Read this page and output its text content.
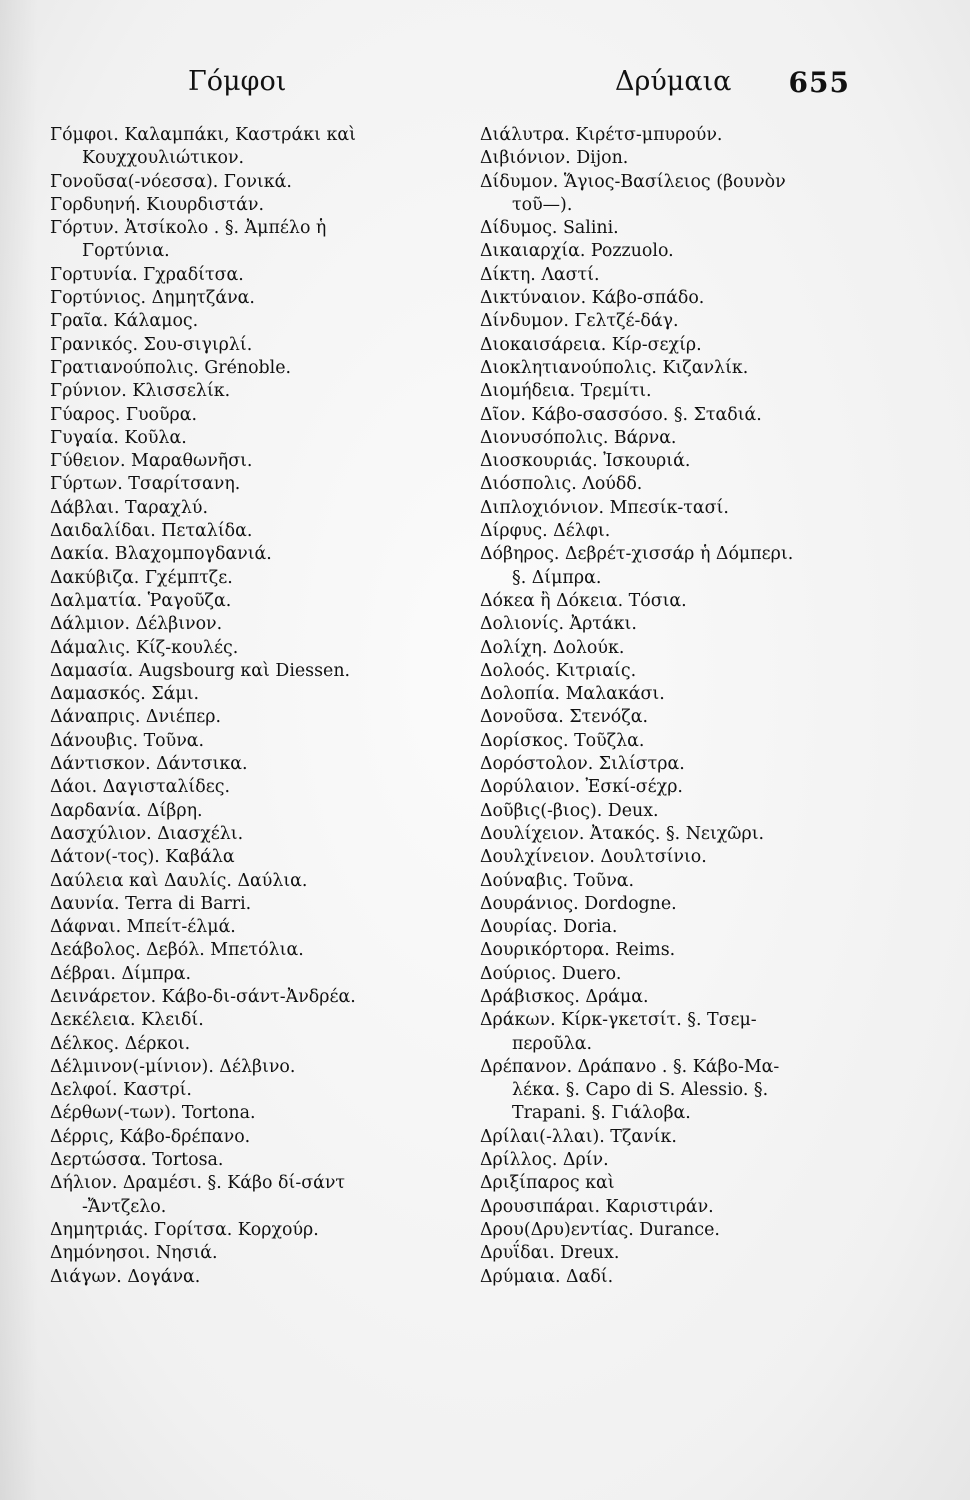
Γόμφοι	Δρύμαια 655
Γόμφοι. Καλαμπάκι, Καστράκι καὶ
Κουχχουλιώτικον.
Γονοῦσα(-νόεσσα). Γονικά.
Γορδυηνή. Κιουρδιστάν.
Γόρτυν. Ἀτσίκολο . §. Ἀμπέλο ἡ
Γορτύνια.
Γορτυνία. Γχραδίτσα.
Γορτύνιος. Δημητζάνα.
Γραῖα. Κάλαμος.
Γρανικός. Σου-σιγιρλί.
Γρατιανούπολις. Grénoble.
Γρύνιον. Κλισσελίκ.
Γύαρος. Γυοῦρα.
Γυγαία. Κοῦλα.
Γύθειον. Μαραθωνῆσι.
Γύρτων. Τσαρίτσανη.
Δάβλαι. Ταραχλύ.
Δαιδαλίδαι. Πεταλίδα.
Δακία. Βλαχομπογδανιά.
Δακύβιζα. Γχέμπτζε.
Δαλματία. Ῥαγοῦζα.
Δάλμιον. Δέλβινον.
Δάμαλις. Κίζ-κουλές.
Δαμασία. Augsbourg καὶ Diessen.
Δαμασκός. Σάμι.
Δάναπρις. Δνιέπερ.
Δάνουβις. Τοῦνα.
Δάντισκον. Δάντσικα.
Δάοι. Δαγισταλίδες.
Δαρδανία. Δίβρη.
Δασχύλιον. Διασχέλι.
Δάτον(-τος). Καβάλα
Δαύλεια καὶ Δαυλίς. Δαύλια.
Δαυνία. Terra di Barri.
Δάφναι. Μπείτ-έλμά.
Δεάβολος. Δεβόλ. Μπετόλια.
Δέβραι. Δίμπρα.
Δεινάρετον. Κάβο-δι-σάντ-Ἀνδρέα.
Δεκέλεια. Κλειδί.
Δέλκος. Δέρκοι.
Δέλμινον(-μίνιον). Δέλβινο.
Δελφοί. Καστρί.
Δέρθων(-των). Tortona.
Δέρρις, Κάβο-δρέπανο.
Δερτώσσα. Tortosa.
Δήλιον. Δραμέσι. §. Κάβο δί-σάντ
-Ἄντζελο.
Δημητριάς. Γορίτσα. Κορχούρ.
Δημόνησοι. Νησιά.
Διάγων. Δογάνα.
Διάλυτρα. Κιρέτσ-μπυρούν.
Διβιόνιον. Dijon.
Δίδυμον. Ἅγιος-Βασίλειος (βουνὸν
τοῦ—).
Δίδυμος. Salini.
Δικαιαρχία. Pozzuolo.
Δίκτη. Λαστί.
Δικτύναιον. Κάβο-σπάδο.
Δίνδυμον. Γελτζέ-δάγ.
Διοκαισάρεια. Κίρ-σεχίρ.
Διοκλητιανούπολις. Κιζανλίκ.
Διομήδεια. Τρεμίτι.
Δῖον. Κάβο-σασσόσο. §. Σταδιά.
Διονυσόπολις. Βάρνα.
Διοσκουριάς. Ἰσκουριά.
Διόσπολις. Λούδδ.
Διπλοχιόνιον. Μπεσίκ-τασί.
Δίρφυς. Δέλφι.
Δόβηρος. Δεβρέτ-χισσάρ ἡ Δόμπερι.
§. Δίμπρα.
Δόκεα ἢ Δόκεια. Τόσια.
Δολιονίς. Ἀρτάκι.
Δολίχη. Δολούκ.
Δολοός. Κιτριαίς.
Δολοπία. Μαλακάσι.
Δονοῦσα. Στενόζα.
Δορίσκος. Τοῦζλα.
Δορόστολον. Σιλίστρα.
Δορύλαιον. Ἐσκί-σέχρ.
Δοῦβις(-βιος). Deux.
Δουλίχειον. Ἀτακός. §. Νειχῶρι.
Δουλχίνειον. Δουλτσίνιο.
Δούναβις. Τοῦνα.
Δουράνιος. Dordogne.
Δουρίας. Doria.
Δουρικόρτορα. Reims.
Δούριος. Duero.
Δράβισκος. Δράμα.
Δράκων. Κίρκ-γκετσίτ. §. Τσεμ-
περοῦλα.
Δρέπανον. Δράπανο . §. Κάβο-Μα-
λέκα. §. Capo di S. Alessio. §.
Trapani. §. Γιάλοβα.
Δρίλαι(-λλαι). Τζανίκ.
Δρίλλος. Δρίν.
Δριξίπαρος καὶ
Δρουσιπάραι. Καριστιράν.
Δρου(Δρυ)εντίας. Durance.
Δρυΐδαι. Dreux.
Δρύμαια. Δαδί.
